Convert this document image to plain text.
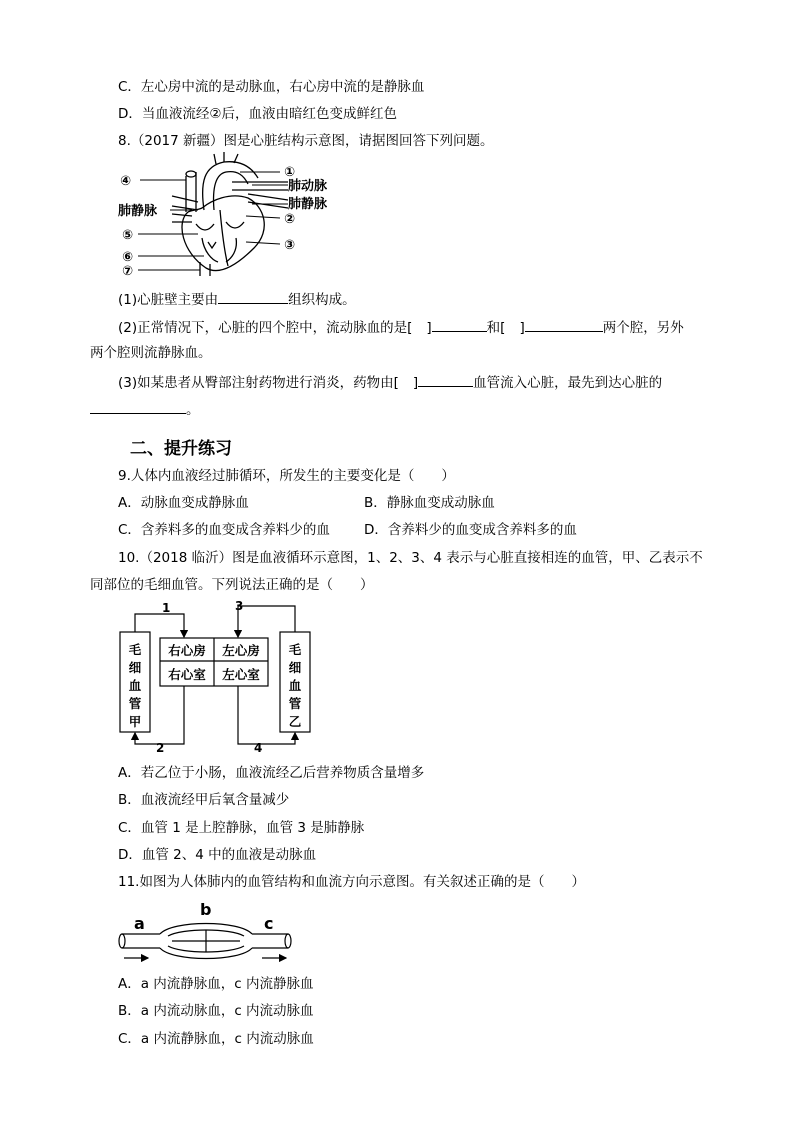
C．左心房中流的是动脉血，右心房中流的是静脉血
D．当血液流经②后，血液由暗红色变成鲜红色
8.（2017 新疆）图是心脏结构示意图，请据图回答下列问题。
①
肺动脉
肺静脉
②
③
④
肺静脉
⑤
⑥
⑦
(1)心脏壁主要由	组织构成。
(2)正常情况下，心脏的四个腔中，流动脉血的是[ ]	和[ ]	两个腔，另外
两个腔则流静脉血。
(3)如某患者从臀部注射药物进行消炎，药物由[ ]	血管流入心脏，最先到达心脏的
。
二、提升练习
9.人体内血液经过肺循环，所发生的主要变化是（　　）
A．动脉血变成静脉血	B．静脉血变成动脉血
C．含养料多的血变成含养料少的血	D．含养料少的血变成含养料多的血
10.（2018 临沂）图是血液循环示意图，1、2、3、4 表示与心脏直接相连的血管，甲、乙表示不
同部位的毛细血管。下列说法正确的是（　　）
1	3
2	4
右心房 左心房
右心室 左心室
毛
细
血
管
甲
毛
细
血
管
乙
A．若乙位于小肠，血液流经乙后营养物质含量增多
B．血液流经甲后氧含量减少
C．血管 1 是上腔静脉，血管 3 是肺静脉
D．血管 2、4 中的血液是动脉血
11.如图为人体肺内的血管结构和血流方向示意图。有关叙述正确的是（　　）
a
b
c
A．a 内流静脉血，c 内流静脉血
B．a 内流动脉血，c 内流动脉血
C．a 内流静脉血，c 内流动脉血
